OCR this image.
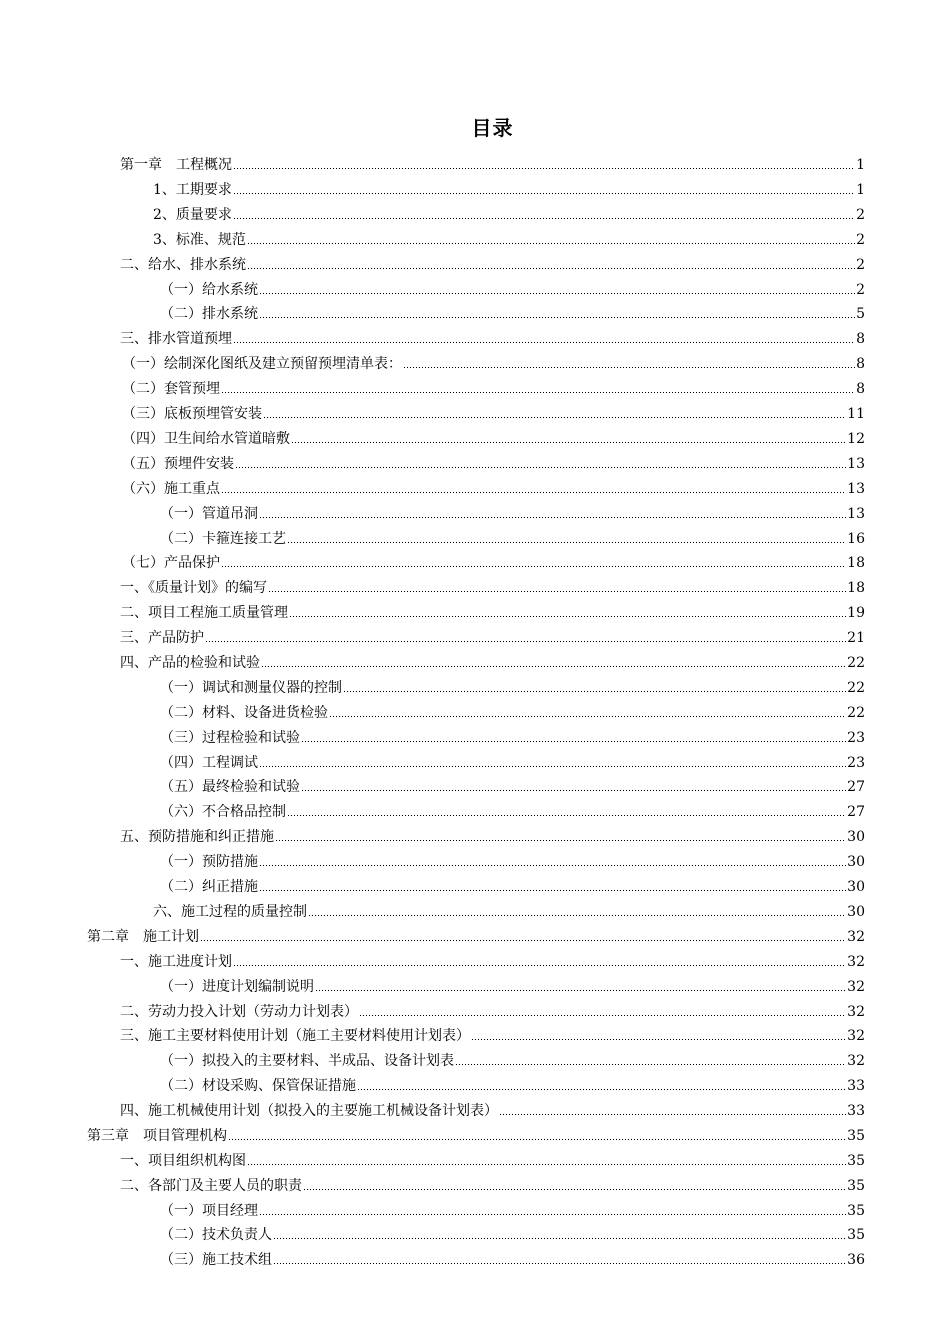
目录
第一章　工程概况	1
1、工期要求	1
2、质量要求	2
3、标准、规范	2
二、给水、排水系统	2
（一）给水系统	2
（二）排水系统	5
三、排水管道预埋	8
（一）绘制深化图纸及建立预留预埋清单表：	8
（二）套管预埋	8
（三）底板预埋管安装	11
（四）卫生间给水管道暗敷	12
（五）预埋件安装	13
（六）施工重点	13
（一）管道吊洞	13
（二）卡箍连接工艺	16
（七）产品保护	18
一、《质量计划》的编写	18
二、项目工程施工质量管理	19
三、产品防护	21
四、产品的检验和试验	22
（一）调试和测量仪器的控制	22
（二）材料、设备进货检验	22
（三）过程检验和试验	23
（四）工程调试	23
（五）最终检验和试验	27
（六）不合格品控制	27
五、预防措施和纠正措施	30
（一）预防措施	30
（二）纠正措施	30
六、施工过程的质量控制	30
第二章　施工计划	32
一、施工进度计划	32
（一）进度计划编制说明	32
二、劳动力投入计划（劳动力计划表）	32
三、施工主要材料使用计划（施工主要材料使用计划表）	32
（一）拟投入的主要材料、半成品、设备计划表	32
（二）材设采购、保管保证措施	33
四、施工机械使用计划（拟投入的主要施工机械设备计划表）	33
第三章　项目管理机构	35
一、项目组织机构图	35
二、各部门及主要人员的职责	35
（一）项目经理	35
（二）技术负责人	35
（三）施工技术组	36
